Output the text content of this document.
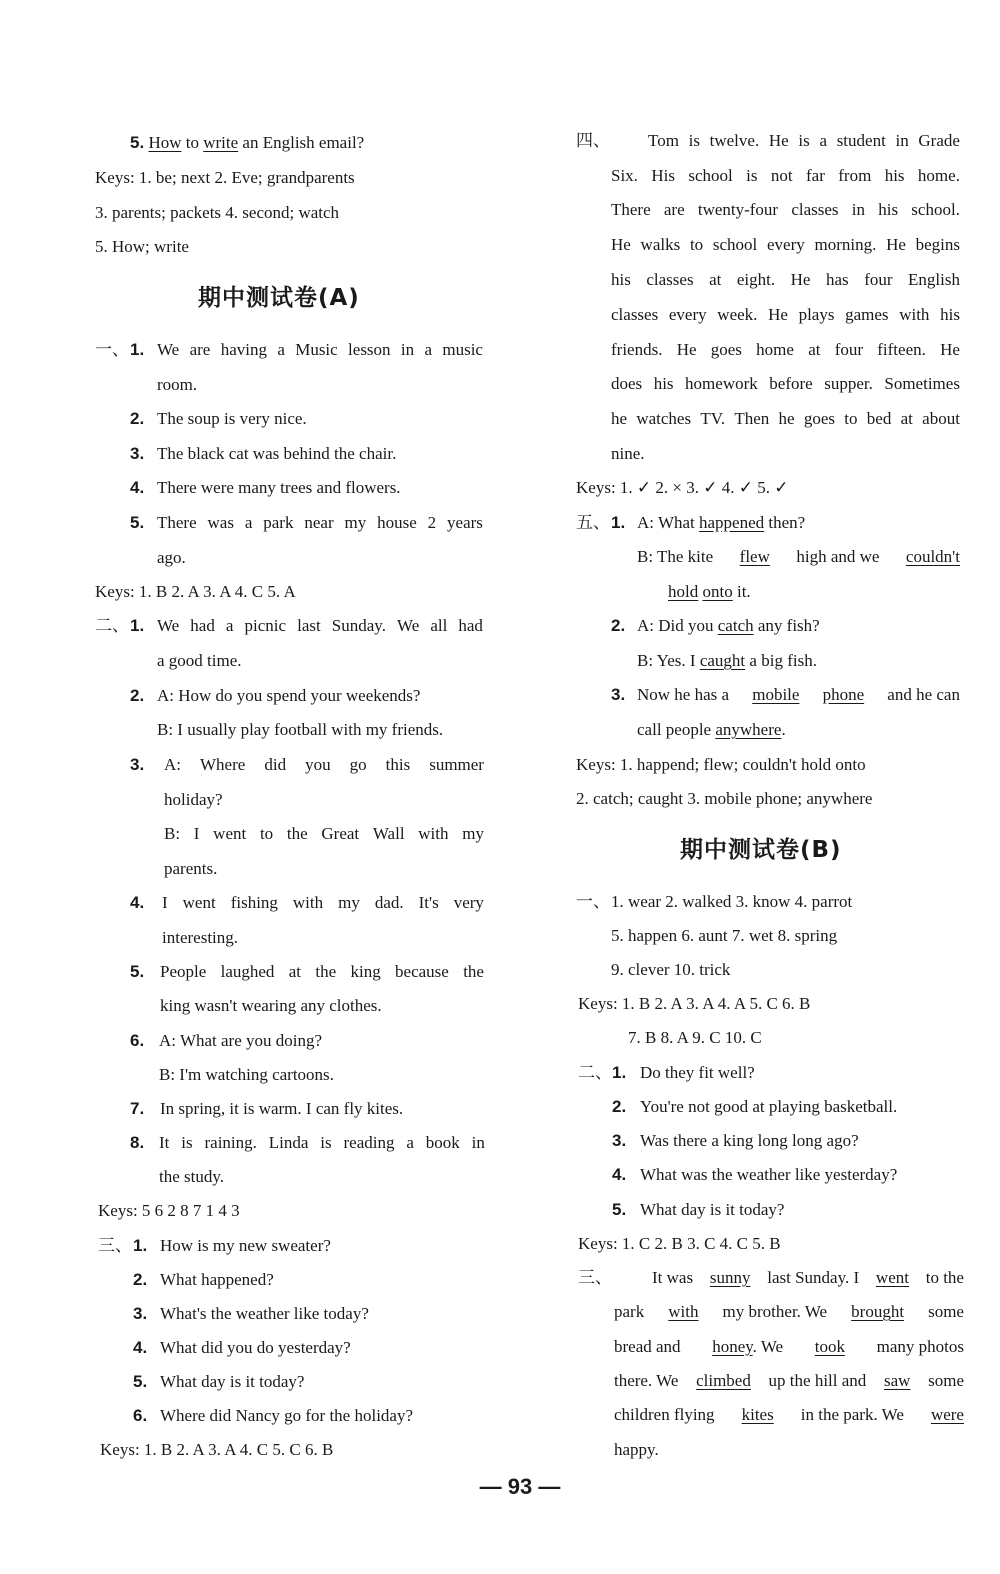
5. How to write an English email?
Keys: 1. be; next 2. Eve; grandparents
3. parents; packets 4. second; watch
5. How; write
期中测试卷(A)
一、 1. We are having a Music lesson in a music
room.
2. The soup is very nice.
3. The black cat was behind the chair.
4. There were many trees and flowers.
5. There was a park near my house 2 years
ago.
Keys: 1. B 2. A 3. A 4. C 5. A
二、 1. We had a picnic last Sunday. We all had
a good time.
2. A: How do you spend your weekends?
B: I usually play football with my friends.
3. A: Where did you go this summer
holiday?
B: I went to the Great Wall with my
parents.
4. I went fishing with my dad. It's very
interesting.
5. People laughed at the king because the
king wasn't wearing any clothes.
6. A: What are you doing?
B: I'm watching cartoons.
7. In spring, it is warm. I can fly kites.
8. It is raining. Linda is reading a book in
the study.
Keys: 5 6 2 8 7 1 4 3
三、 1. How is my new sweater?
2. What happened?
3. What's the weather like today?
4. What did you do yesterday?
5. What day is it today?
6. Where did Nancy go for the holiday?
Keys: 1. B 2. A 3. A 4. C 5. C 6. B
四、 Tom is twelve. He is a student in Grade
Six. His school is not far from his home.
There are twenty-four classes in his school.
He walks to school every morning. He begins
his classes at eight. He has four English
classes every week. He plays games with his
friends. He goes home at four fifteen. He
does his homework before supper. Sometimes
he watches TV. Then he goes to bed at about
nine.
Keys: 1. ✓ 2. × 3. ✓ 4. ✓ 5. ✓
五、 1. A: What happened then?
B: The kite flew high and we couldn't
hold onto it.
2. A: Did you catch any fish?
B: Yes. I caught a big fish.
3. Now he has a mobile phone and he can
call people anywhere.
Keys: 1. happend; flew; couldn't hold onto
2. catch; caught 3. mobile phone; anywhere
期中测试卷(B)
一、 1. wear 2. walked 3. know 4. parrot
5. happen 6. aunt 7. wet 8. spring
9. clever 10. trick
Keys: 1. B 2. A 3. A 4. A 5. C 6. B
7. B 8. A 9. C 10. C
二、 1. Do they fit well?
2. You're not good at playing basketball.
3. Was there a king long long ago?
4. What was the weather like yesterday?
5. What day is it today?
Keys: 1. C 2. B 3. C 4. C 5. B
三、 It was sunny last Sunday. I went to the
park with my brother. We brought some
bread and honey. We took many photos
there. We climbed up the hill and saw some
children flying kites in the park. We were
happy.
— 93 —
